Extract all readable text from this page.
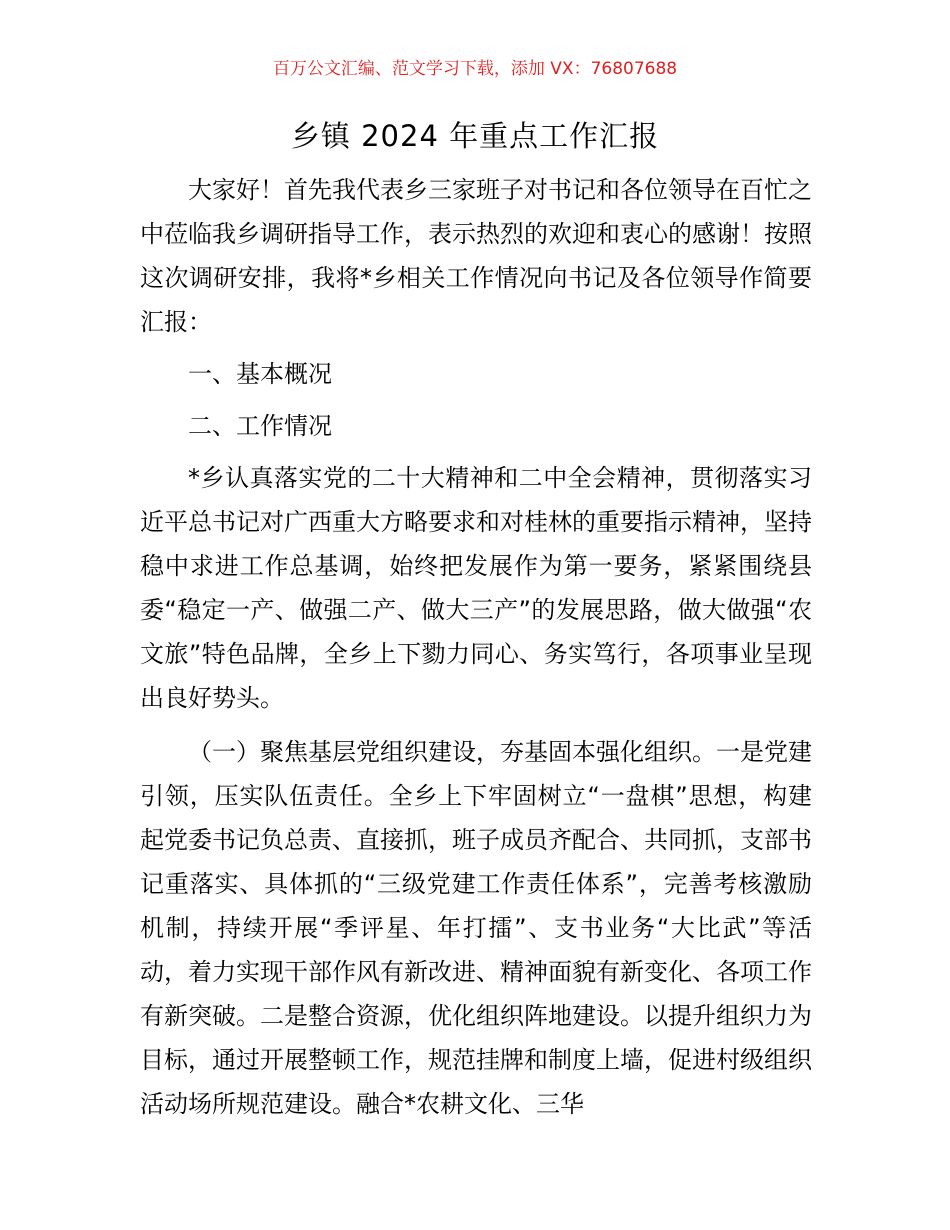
百万公文汇编、范文学习下载，添加 VX：76807688
乡镇 2024 年重点工作汇报

大家好！首先我代表乡三家班子对书记和各位领导在百忙之中莅临我乡调研指导工作，表示热烈的欢迎和衷心的感谢！按照这次调研安排，我将*乡相关工作情况向书记及各位领导作简要汇报：

一、基本概况

二、工作情况

*乡认真落实党的二十大精神和二中全会精神，贯彻落实习近平总书记对广西重大方略要求和对桂林的重要指示精神，坚持稳中求进工作总基调，始终把发展作为第一要务，紧紧围绕县委“稳定一产、做强二产、做大三产”的发展思路，做大做强“农文旅”特色品牌，全乡上下勠力同心、务实笃行，各项事业呈现出良好势头。

（一）聚焦基层党组织建设，夯基固本强化组织。一是党建引领，压实队伍责任。全乡上下牢固树立“一盘棋”思想，构建起党委书记负总责、直接抓，班子成员齐配合、共同抓，支部书记重落实、具体抓的“三级党建工作责任体系”，完善考核激励机制，持续开展“季评星、年打擂”、支书业务“大比武”等活动，着力实现干部作风有新改进、精神面貌有新变化、各项工作有新突破。二是整合资源，优化组织阵地建设。以提升组织力为目标，通过开展整顿工作，规范挂牌和制度上墙，促进村级组织活动场所规范建设。融合*农耕文化、三华
